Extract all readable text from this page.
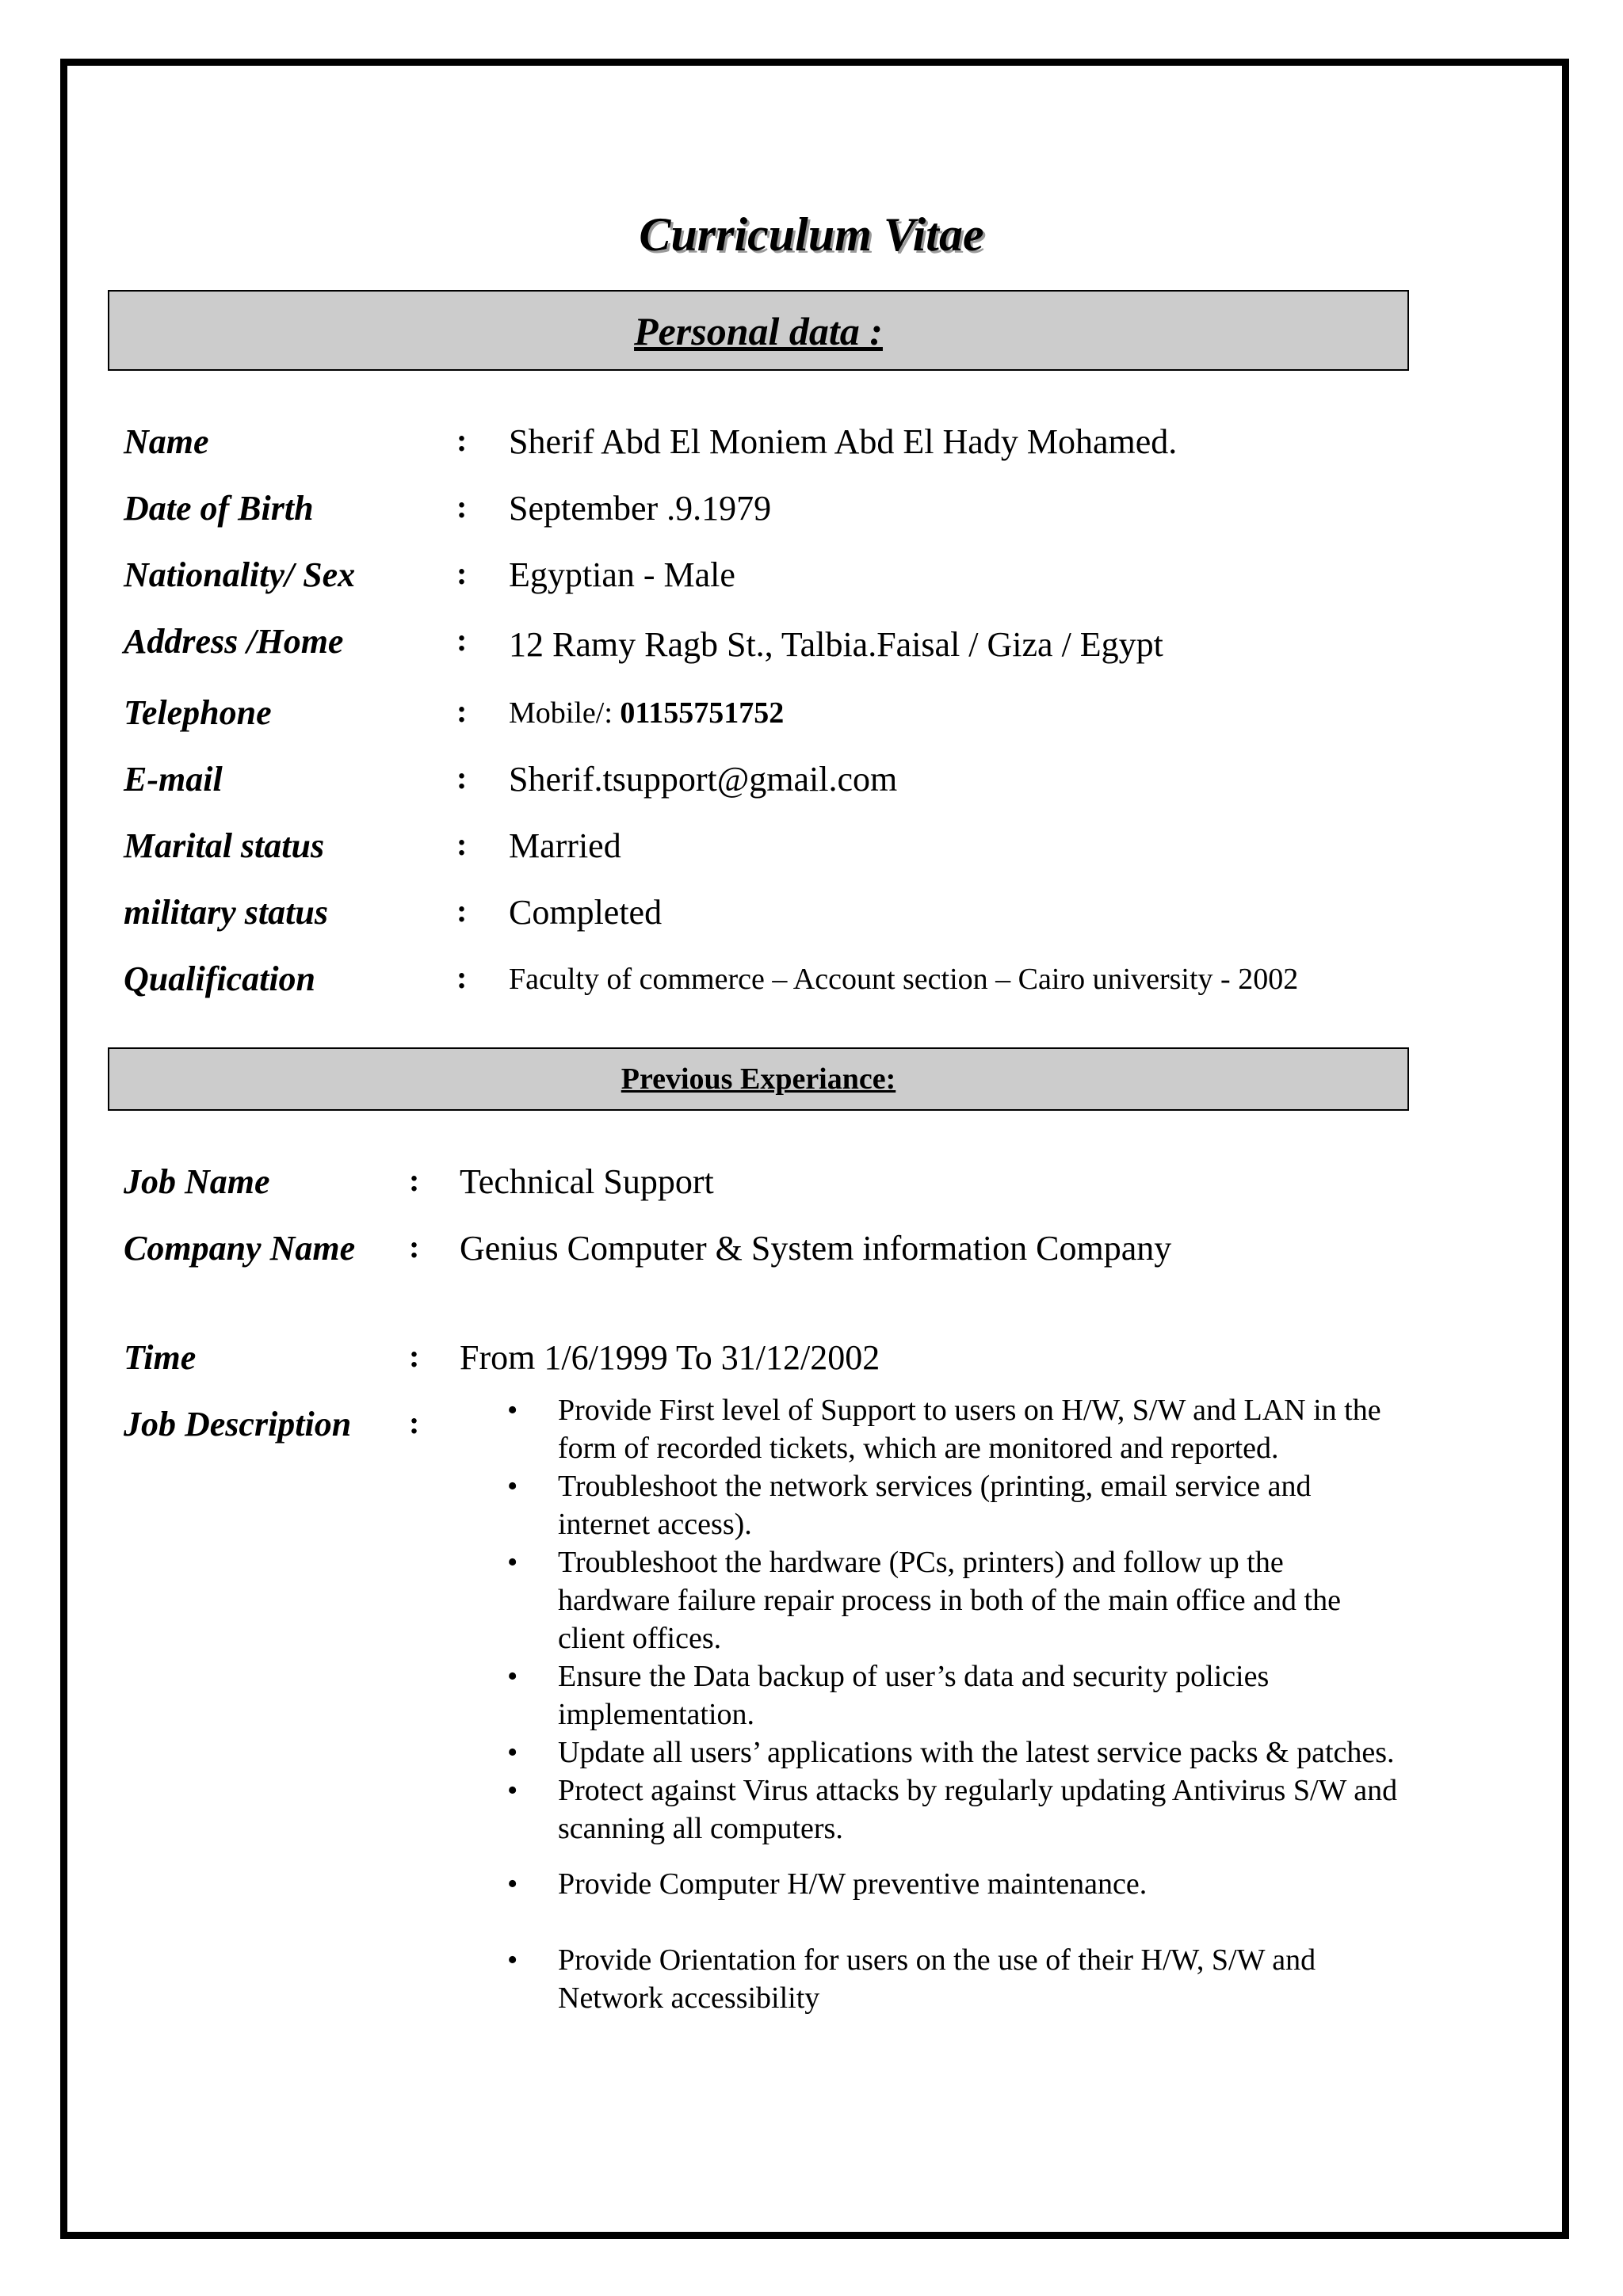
Curriculum Vitae
Personal data :
Name	: Sherif Abd El Moniem Abd El Hady Mohamed.
Date of Birth	: September .9.1979
Nationality/ Sex	: Egyptian - Male
Address /Home	: 12 Ramy Ragb St., Talbia.Faisal / Giza / Egypt
Telephone	: Mobile/: 01155751752
E-mail	: Sherif.tsupport@gmail.com
Marital status	: Married
military status	: Completed
Qualification	: Faculty of commerce – Account section – Cairo university - 2002
Previous Experiance:
Job Name	: Technical Support
Company Name	: Genius Computer & System information Company
Time	: From 1/6/1999 To 31/12/2002
Job Description :	• Provide First level of Support to users on H/W, S/W and LAN in the form of recorded tickets, which are monitored and reported.
• Troubleshoot the network services (printing, email service and internet access).
• Troubleshoot the hardware (PCs, printers) and follow up the hardware failure repair process in both of the main office and the client offices.
• Ensure the Data backup of user’s data and security policies implementation.
• Update all users’ applications with the latest service packs & patches.
• Protect against Virus attacks by regularly updating Antivirus S/W and scanning all computers.
• Provide Computer H/W preventive maintenance.
• Provide Orientation for users on the use of their H/W, S/W and Network accessibility
